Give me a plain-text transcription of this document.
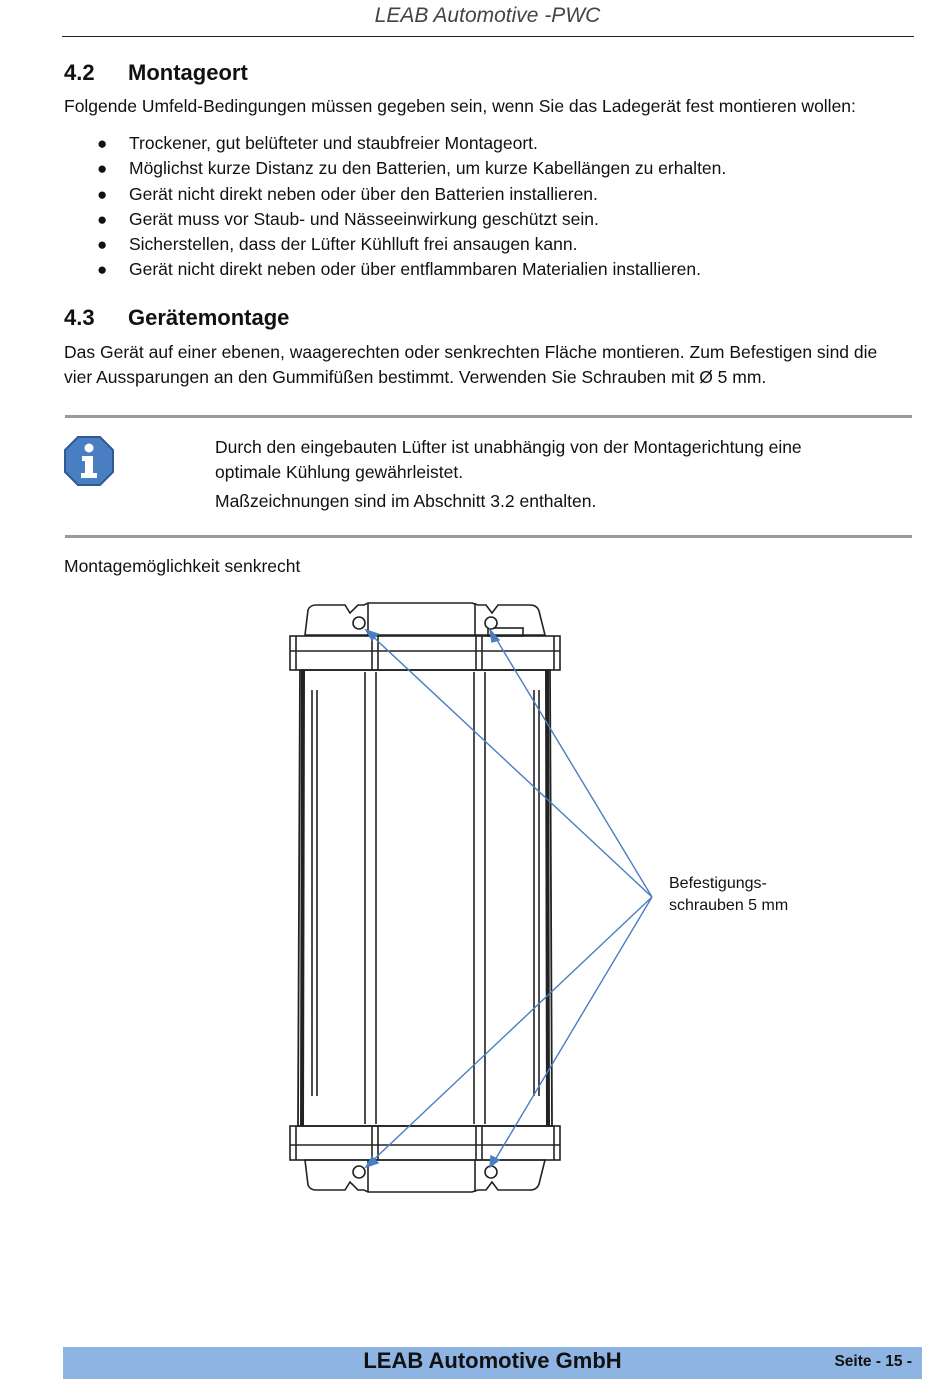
LEAB Automotive -PWC
4.2 Montageort
Folgende Umfeld-Bedingungen müssen gegeben sein, wenn Sie das Ladegerät fest montieren wollen:
● Trockener, gut belüfteter und staubfreier Montageort.
● Möglichst kurze Distanz zu den Batterien, um kurze Kabellängen zu erhalten.
● Gerät nicht direkt neben oder über den Batterien installieren.
● Gerät muss vor Staub- und Nässeeinwirkung geschützt sein.
● Sicherstellen, dass der Lüfter Kühlluft frei ansaugen kann.
● Gerät nicht direkt neben oder über entflammbaren Materialien installieren.
4.3 Gerätemontage
Das Gerät auf einer ebenen, waagerechten oder senkrechten Fläche montieren. Zum Befestigen sind die
vier Aussparungen an den Gummifüßen bestimmt. Verwenden Sie Schrauben mit Ø 5 mm.
Durch den eingebauten Lüfter ist unabhängig von der Montagerichtung eine
optimale Kühlung gewährleistet.
Maßzeichnungen sind im Abschnitt 3.2 enthalten.
Montagemöglichkeit senkrecht
Befestigungs-
schrauben 5 mm
LEAB Automotive GmbH	Seite - 15 -
